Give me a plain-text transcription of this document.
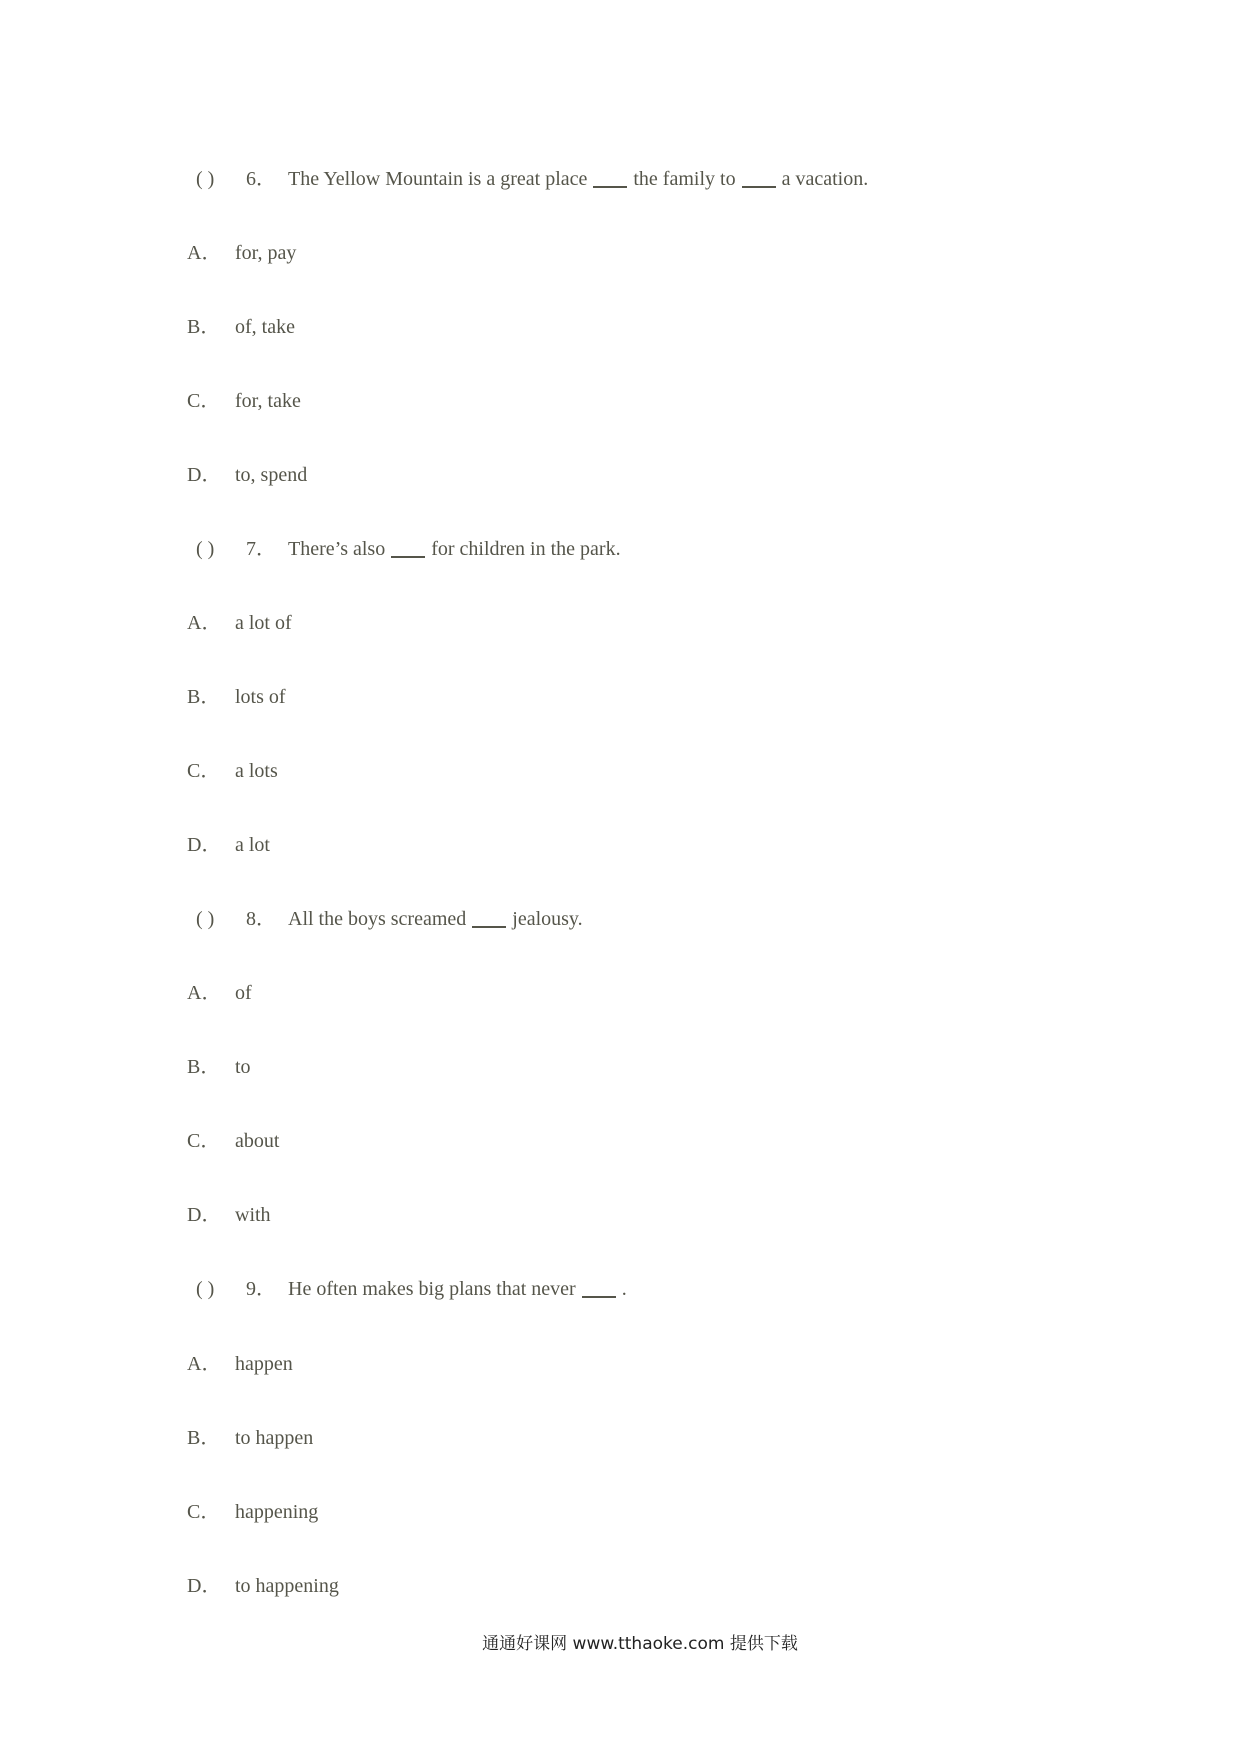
( ) 6． The Yellow Mountain is a great place the family to a vacation.
A． for, pay
B． of, take
C． for, take
D． to, spend
( ) 7． There’s also for children in the park.
A． a lot of
B． lots of
C． a lots
D． a lot
( ) 8． All the boys screamed jealousy.
A． of
B． to
C． about
D． with
( ) 9． He often makes big plans that never .
A． happen
B． to happen
C． happening
D． to happening
通通好课网 www.tthaoke.com 提供下载
